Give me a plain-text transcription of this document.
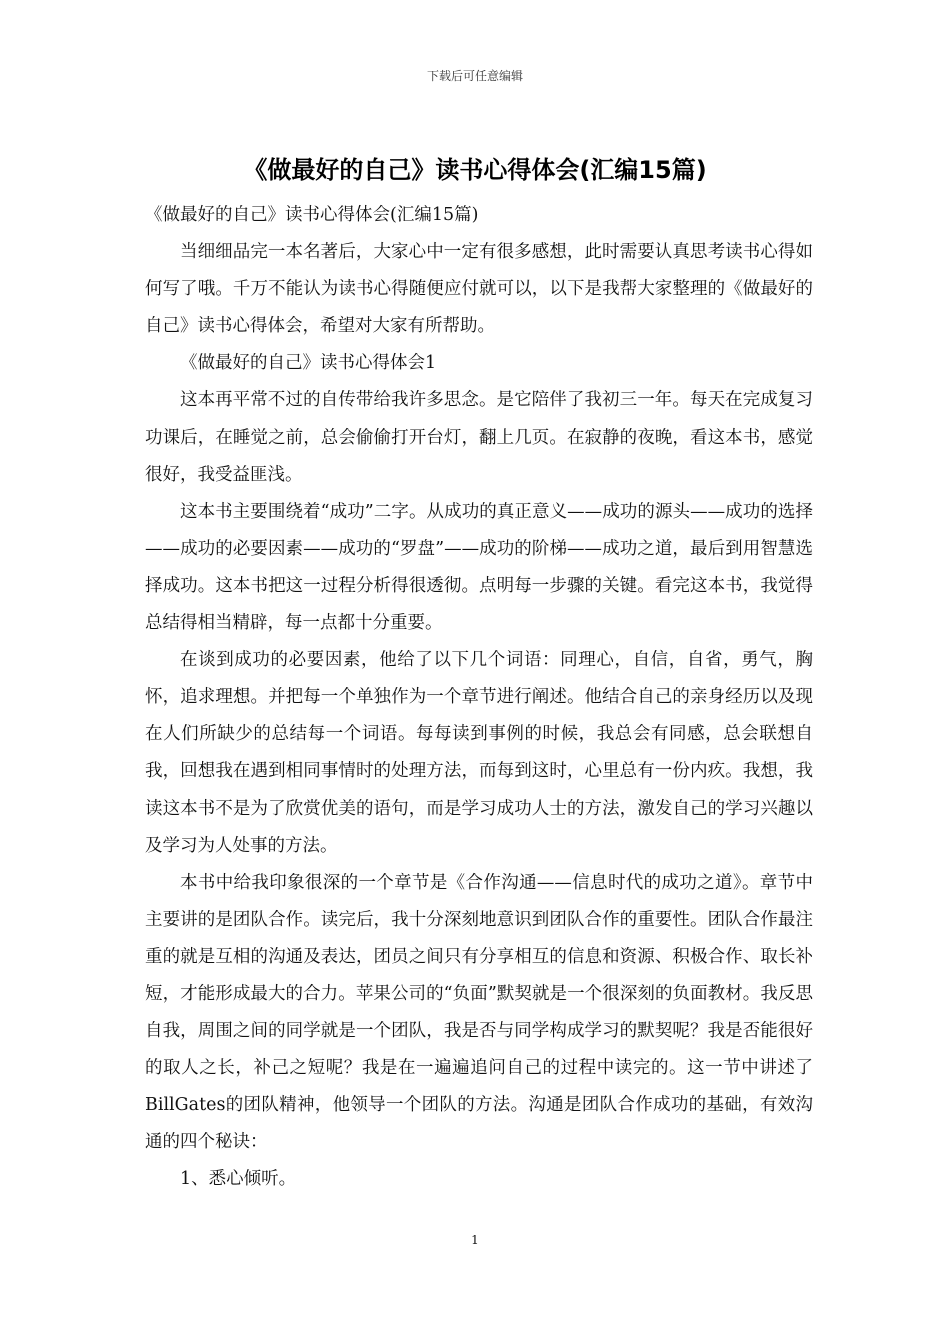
下载后可任意编辑
《做最好的自己》读书心得体会(汇编15篇)

《做最好的自己》读书心得体会(汇编15篇)

当细细品完一本名著后，大家心中一定有很多感想，此时需要认真思考读书心得如何写了哦。千万不能认为读书心得随便应付就可以，以下是我帮大家整理的《做最好的自己》读书心得体会，希望对大家有所帮助。

《做最好的自己》读书心得体会1

这本再平常不过的自传带给我许多思念。是它陪伴了我初三一年。每天在完成复习功课后，在睡觉之前，总会偷偷打开台灯，翻上几页。在寂静的夜晚，看这本书，感觉很好，我受益匪浅。

这本书主要围绕着“成功”二字。从成功的真正意义——成功的源头——成功的选择——成功的必要因素——成功的“罗盘”——成功的阶梯——成功之道，最后到用智慧选择成功。这本书把这一过程分析得很透彻。点明每一步骤的关键。看完这本书，我觉得总结得相当精辟，每一点都十分重要。

在谈到成功的必要因素，他给了以下几个词语：同理心，自信，自省，勇气，胸怀，追求理想。并把每一个单独作为一个章节进行阐述。他结合自己的亲身经历以及现在人们所缺少的总结每一个词语。每每读到事例的时候，我总会有同感，总会联想自我，回想我在遇到相同事情时的处理方法，而每到这时，心里总有一份内疚。我想，我读这本书不是为了欣赏优美的语句，而是学习成功人士的方法，激发自己的学习兴趣以及学习为人处事的方法。

本书中给我印象很深的一个章节是《合作沟通——信息时代的成功之道》。章节中主要讲的是团队合作。读完后，我十分深刻地意识到团队合作的重要性。团队合作最注重的就是互相的沟通及表达，团员之间只有分享相互的信息和资源、积极合作、取长补短，才能形成最大的合力。苹果公司的“负面”默契就是一个很深刻的负面教材。我反思自我，周围之间的同学就是一个团队，我是否与同学构成学习的默契呢？我是否能很好的取人之长，补己之短呢？我是在一遍遍追问自己的过程中读完的。这一节中讲述了BillGates的团队精神，他领导一个团队的方法。沟通是团队合作成功的基础，有效沟通的四个秘诀：

1、悉心倾听。

1
